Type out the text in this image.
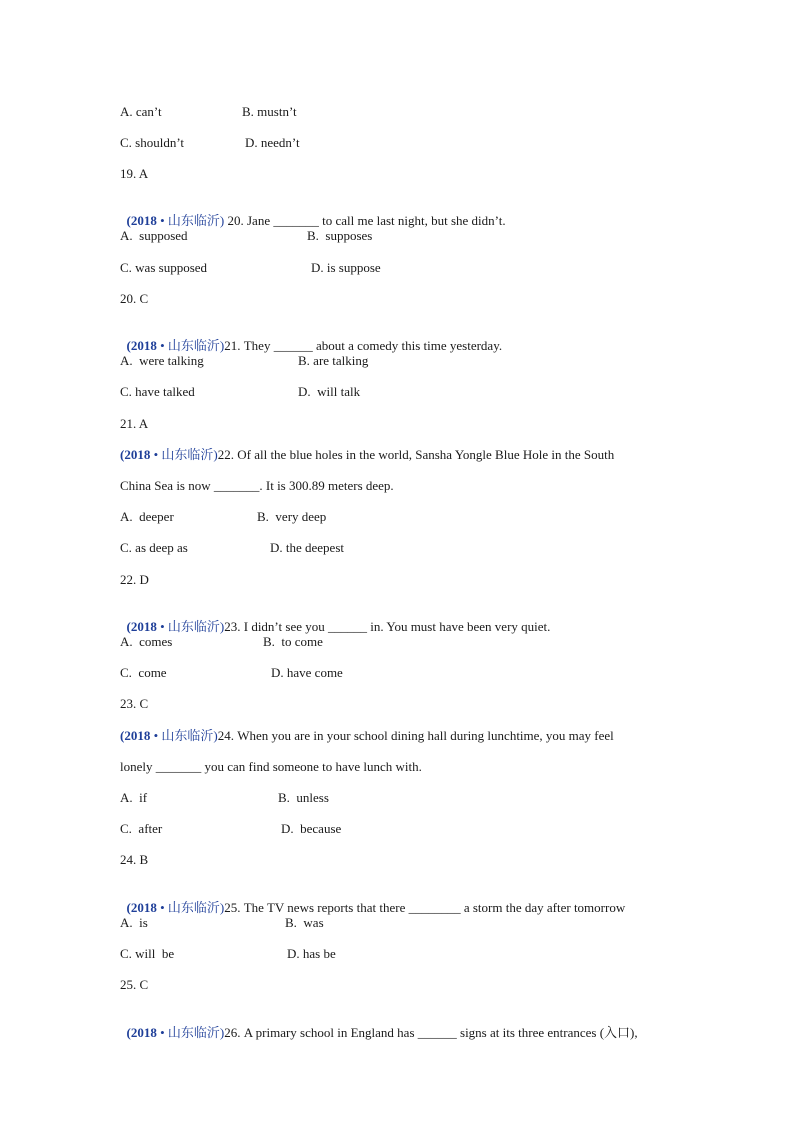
A. can’t	B. mustn’t
C. shouldn’t	D. needn’t
19. A

(2018 • 山东临沂) 20. Jane _______ to call me last night, but she didn’t.

A.  supposed	B.  supposes
C. was supposed	D. is suppose
20. C

(2018 • 山东临沂)21. They ______ about a comedy this time yesterday.

A.  were talking	B. are talking
C. have talked	D.  will talk
21. A
(2018 • 山东临沂)22. Of all the blue holes in the world, Sansha Yongle Blue Hole in the South
China Sea is now _______. It is 300.89 meters deep.
A.  deeper	B.  very deep
C. as deep as	D. the deepest
22. D

(2018 • 山东临沂)23. I didn’t see you ______ in. You must have been very quiet.

A.  comes	B.  to come
C.  come	D. have come
23. C
(2018 • 山东临沂)24. When you are in your school dining hall during lunchtime, you may feel
lonely _______ you can find someone to have lunch with.
A.  if	B.  unless
C.  after	D.  because
24. B

(2018 • 山东临沂)25. The TV news reports that there ________ a storm the day after tomorrow

A.  is	B.  was
C. will  be	D. has be
25. C

(2018 • 山东临沂)26. A primary school in England has ______ signs at its three entrances (入口),
